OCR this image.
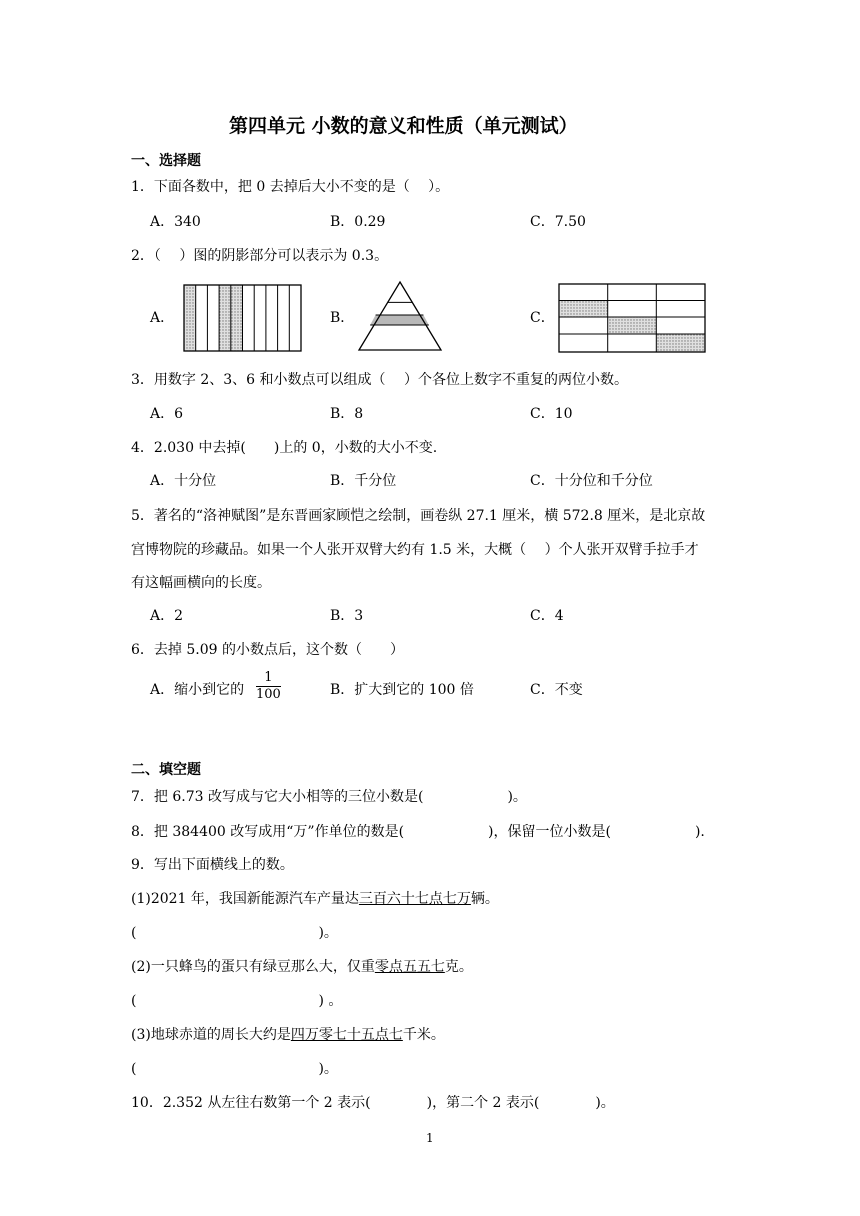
第四单元 小数的意义和性质（单元测试）
一、选择题
1．下面各数中，把 0 去掉后大小不变的是（　 ）。
A．340	B．0.29	C．7.50
2．（　 ）图的阴影部分可以表示为 0.3。
A．	B．	C．
3．用数字 2、3、6 和小数点可以组成（　 ）个各位上数字不重复的两位小数。
A．6	B．8	C．10
4．2.030 中去掉(　　)上的 0，小数的大小不变.
A．十分位	B．千分位	C．十分位和千分位
5．著名的“洛神赋图”是东晋画家顾恺之绘制，画卷纵 27.1 厘米，横 572.8 厘米，是北京故
宫博物院的珍藏品。如果一个人张开双臂大约有 1.5 米，大概（　 ）个人张开双臂手拉手才
有这幅画横向的长度。
A．2	B．3	C．4
6．去掉 5.09 的小数点后，这个数（　　）
A．缩小到它的 $\frac{1}{100}$	B．扩大到它的 100 倍	C．不变
二、填空题
7．把 6.73 改写成与它大小相等的三位小数是(　　　　　　)。
8．把 384400 改写成用“万”作单位的数是(　　　　　　)，保留一位小数是(　　　　　　).
9．写出下面横线上的数。
(1)2021 年，我国新能源汽车产量达三百六十七点七万辆。
(　　　　　　　　　　　　　)。
(2)一只蜂鸟的蛋只有绿豆那么大，仅重零点五五七克。
(　　　　　　　　　　　　　) 。
(3)地球赤道的周长大约是四万零七十五点七千米。
(　　　　　　　　　　　　　)。
10．2.352 从左往右数第一个 2 表示(　　　　)，第二个 2 表示(　　　　)。
1
